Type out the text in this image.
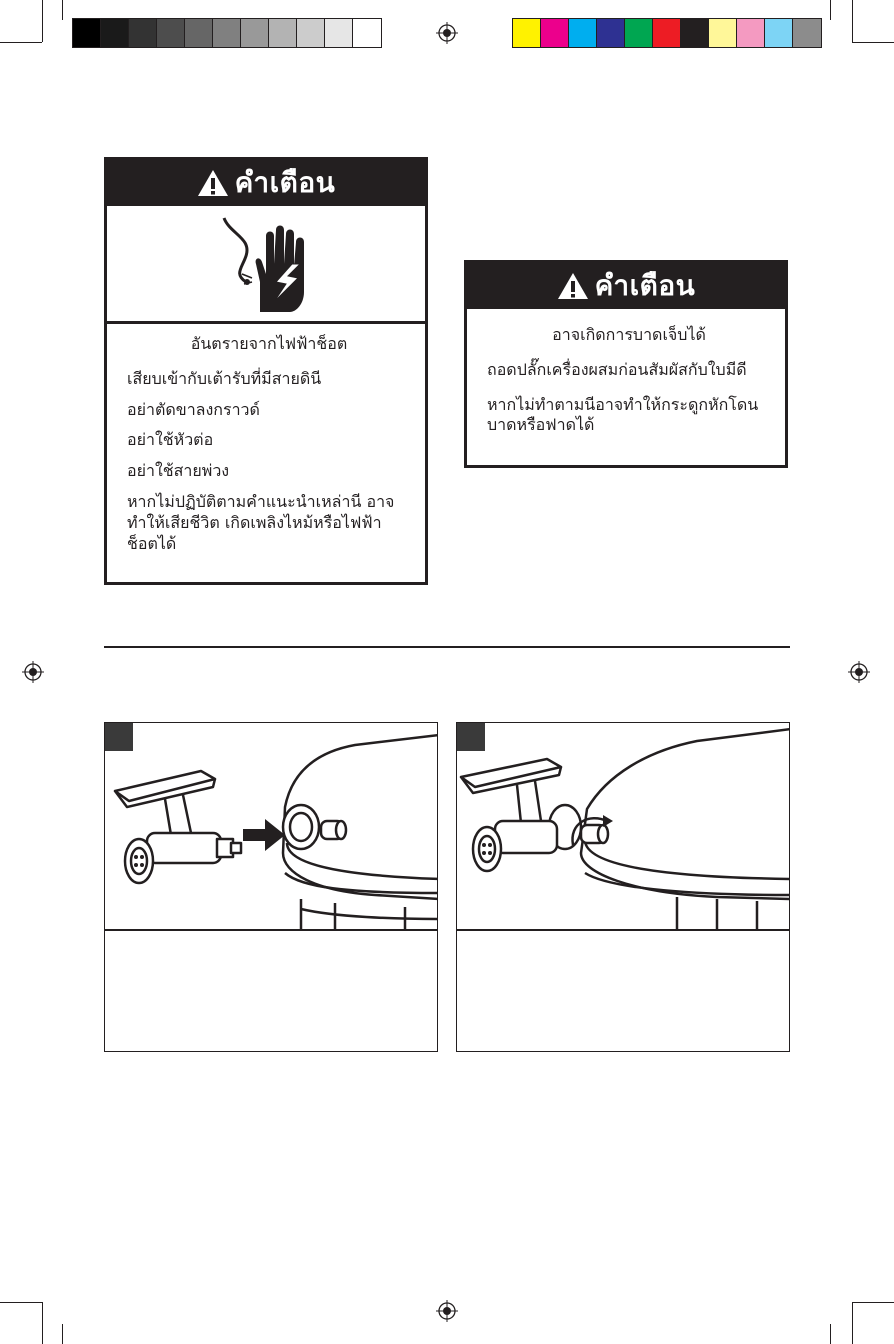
คำเตือน

อันตรายจากไฟฟ้าช็อต

เสียบเข้ากับเต้ารับที่มีสายดินี

อย่าตัดขาลงกราวด์

อย่าใช้หัวต่อ

อย่าใช้สายพ่วง

หากไม่ปฏิบัติตามคำแนะนำเหล่านี อาจทำให้เสียชีวิต เกิดเพลิงไหม้หรือไฟฟ้าช็อตได้

คำเตือน

อาจเกิดการบาดเจ็บได้

ถอดปลั๊กเครื่องผสมก่อนสัมผัสกับใบมีดี

หากไม่ทำตามนีอาจทำให้กระดูกหักโดนบาดหรือฟาดได้
